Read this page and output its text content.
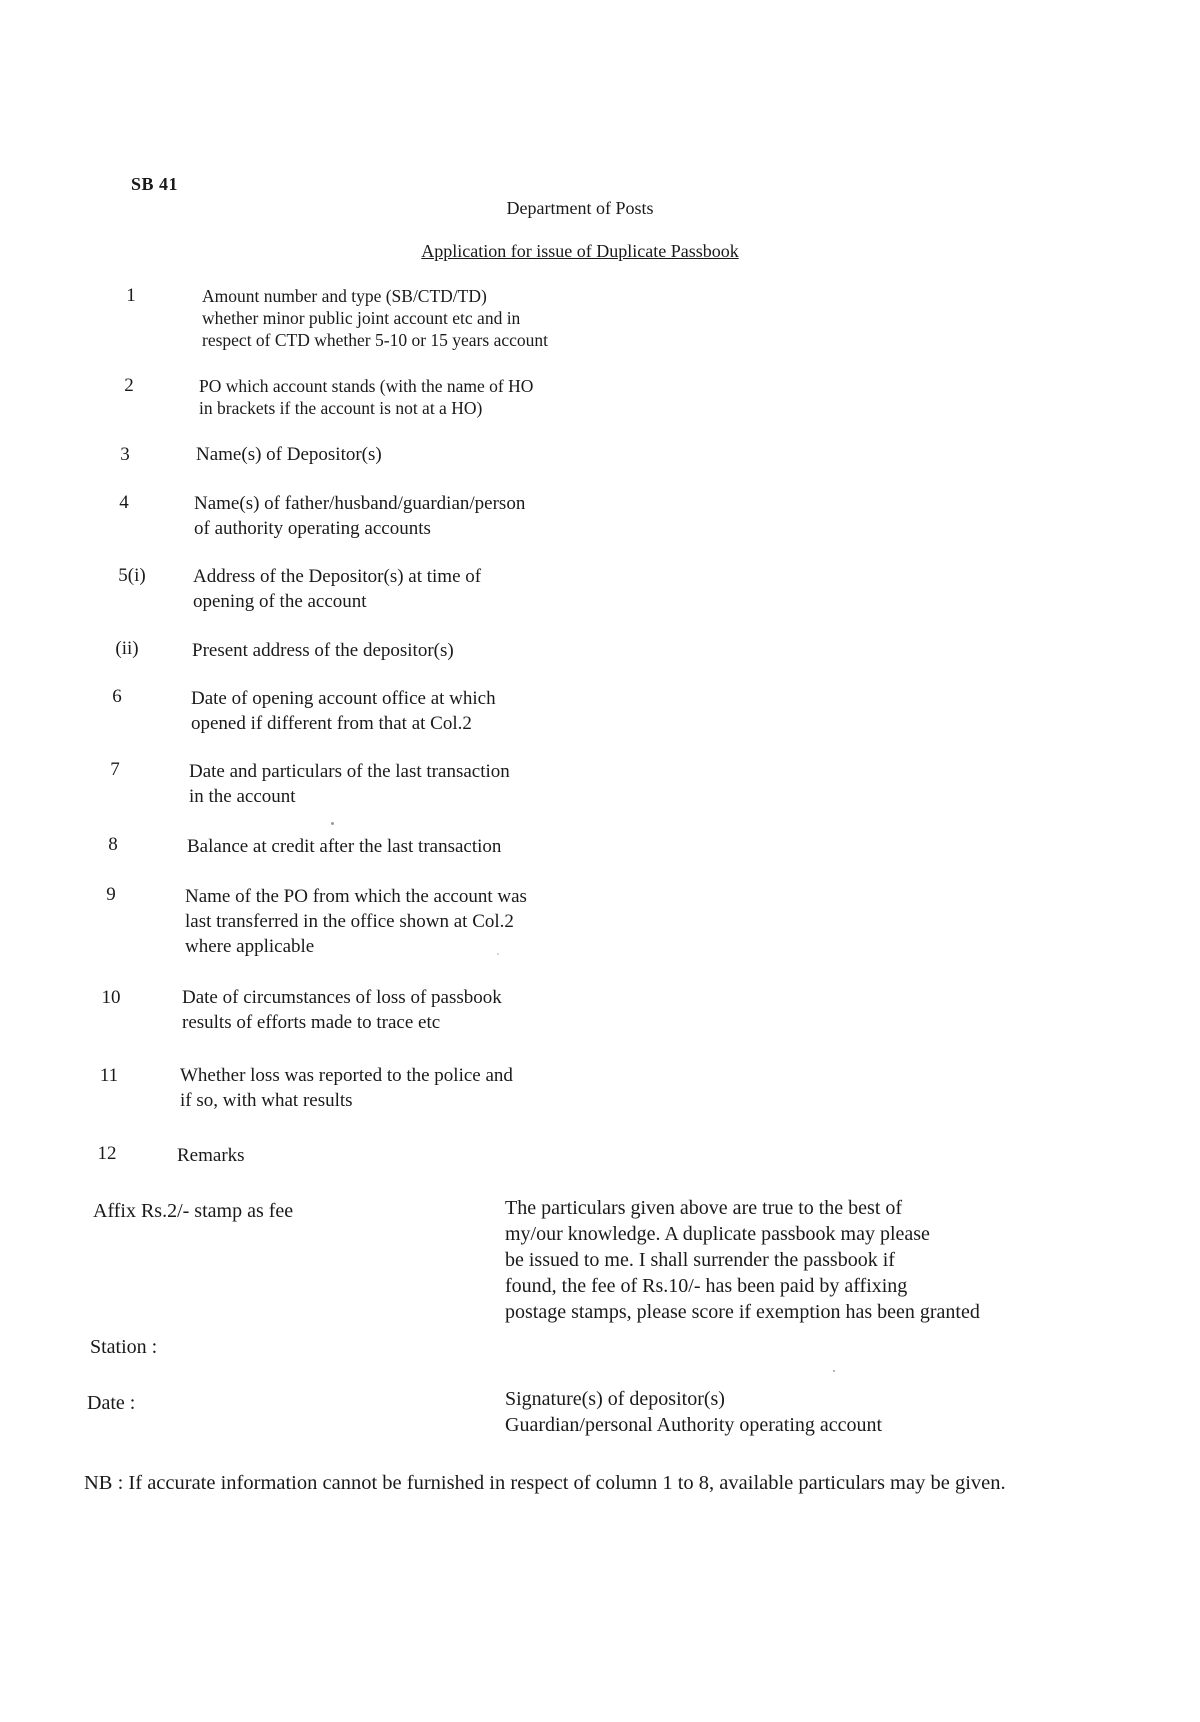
SB 41
Department of Posts
Application for issue of Duplicate Passbook
1	Amount number and type (SB/CTD/TD)
whether minor public joint account etc and in
respect of CTD whether 5-10 or 15 years account
2	PO which account stands (with the name of HO
in brackets if the account is not at a HO)
3	Name(s) of Depositor(s)
4	Name(s) of father/husband/guardian/person
of authority operating accounts
5(i)	Address of the Depositor(s) at time of
opening of the account
(ii)	Present address of the depositor(s)
6	Date of opening account office at which
opened if different from that at Col.2
7	Date and particulars of the last transaction
in the account
8	Balance at credit after the last transaction
9	Name of the PO from which the account was
last transferred in the office shown at Col.2
where applicable
10	Date of circumstances of loss of passbook
results of efforts made to trace etc
11	Whether loss was reported to the police and
if so, with what results
12	Remarks
Affix Rs.2/- stamp as fee	The particulars given above are true to the best of
my/our knowledge. A duplicate passbook may please
be issued to me. I shall surrender the passbook if
found, the fee of Rs.10/- has been paid by affixing
postage stamps, please score if exemption has been granted
Station :
Date :	Signature(s) of depositor(s)
Guardian/personal Authority operating account
NB : If accurate information cannot be furnished in respect of column 1 to 8, available particulars may be given.
